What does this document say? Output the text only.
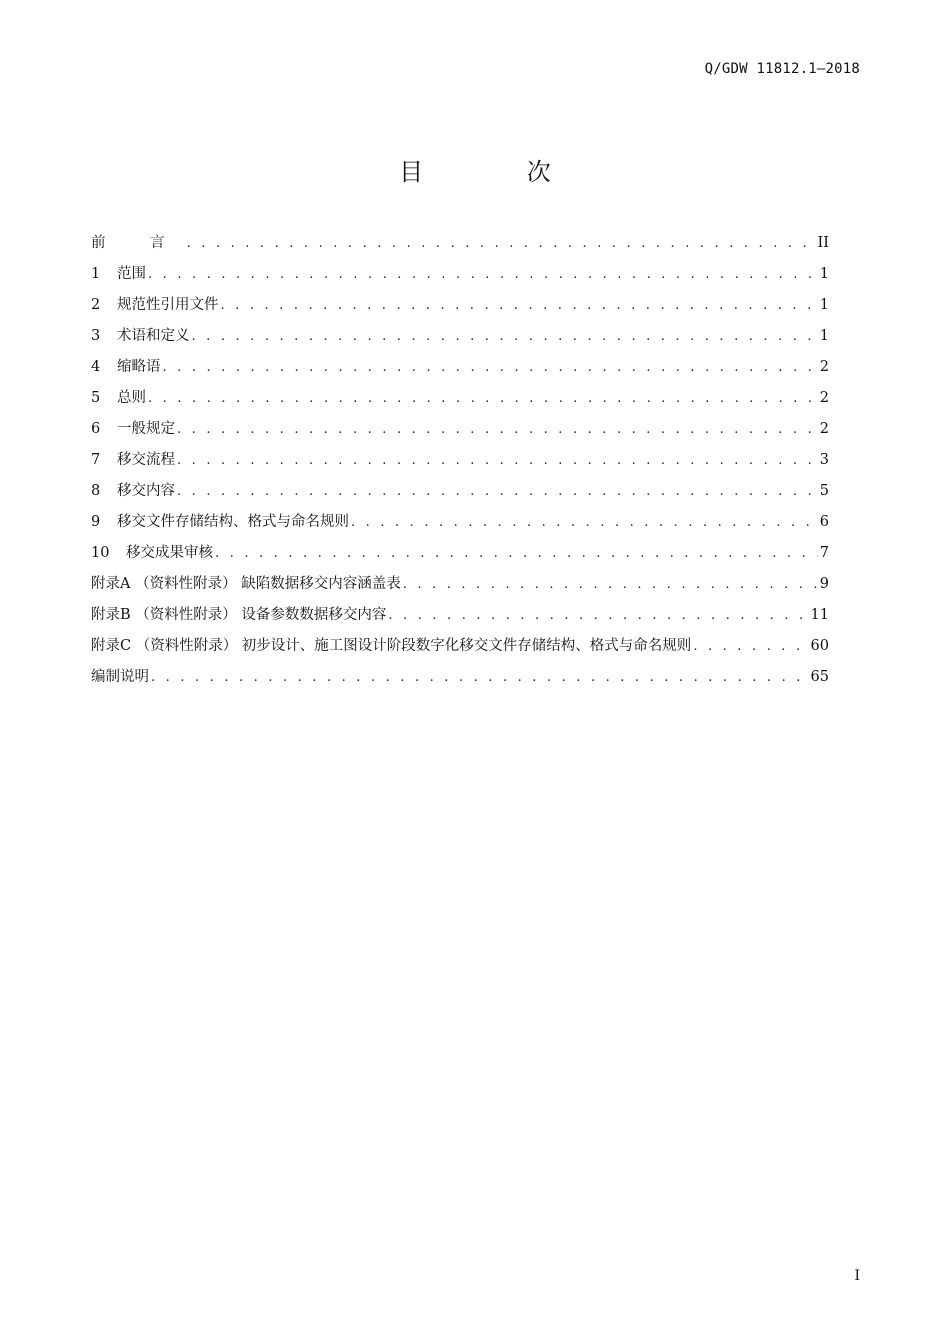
Q/GDW 11812.1—2018
目 次
前 言 . . .	II
1	范围 . . .	1
2	规范性引用文件 . . .	1
3	术语和定义 . . .	1
4	缩略语 . . .	2
5	总则 . . .	2
6	一般规定 . . .	2
7	移交流程 . . .	3
8	移交内容 . . .	5
9	移交文件存储结构、格式与命名规则 . . .	6
10	移交成果审核 . . .	7
附录A （资料性附录） 缺陷数据移交内容涵盖表 . . .	9
附录B （资料性附录） 设备参数数据移交内容 . . .	11
附录C （资料性附录） 初步设计、施工图设计阶段数字化移交文件存储结构、格式与命名规则 . . .	60
编制说明 . . .	65
I
